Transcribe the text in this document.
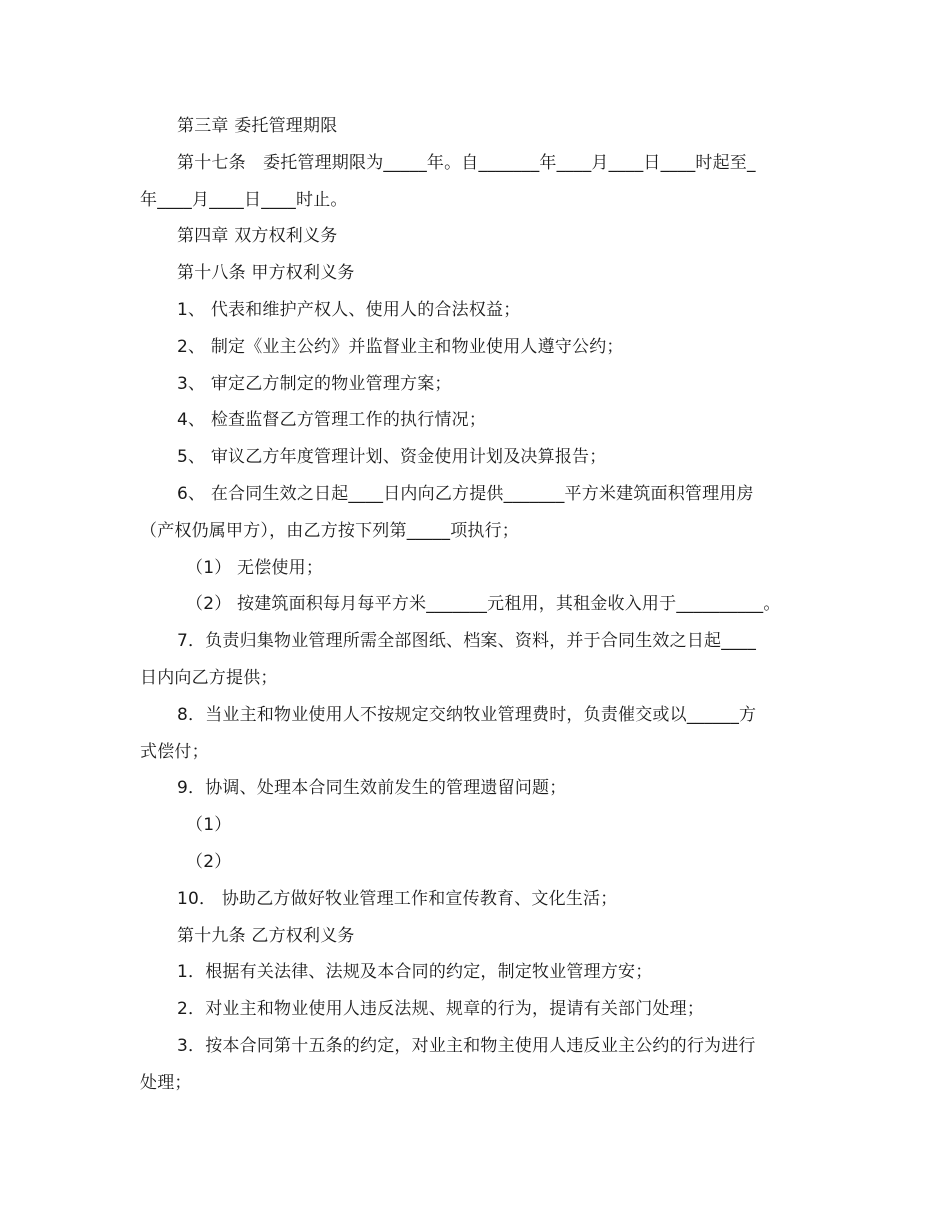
第三章 委托管理期限
第十七条　委托管理期限为_____年。自_______年____月____日____时起至_
年____月____日____时止。
第四章 双方权利义务
第十八条 甲方权利义务
1、 代表和维护产权人、使用人的合法权益；
2、 制定《业主公约》并监督业主和物业使用人遵守公约；
3、 审定乙方制定的物业管理方案；
4、 检查监督乙方管理工作的执行情况；
5、 审议乙方年度管理计划、资金使用计划及决算报告；
6、 在合同生效之日起____日内向乙方提供_______平方米建筑面积管理用房
（产权仍属甲方），由乙方按下列第_____项执行；
（1） 无偿使用；
（2） 按建筑面积每月每平方米_______元租用，其租金收入用于__________。
7．负责归集物业管理所需全部图纸、档案、资料，并于合同生效之日起____
日内向乙方提供；
8．当业主和物业使用人不按规定交纳牧业管理费时，负责催交或以______方
式偿付；
9．协调、处理本合同生效前发生的管理遗留问题；
（1）
（2）
10． 协助乙方做好牧业管理工作和宣传教育、文化生活；
第十九条 乙方权利义务
1．根据有关法律、法规及本合同的约定，制定牧业管理方安；
2．对业主和物业使用人违反法规、规章的行为，提请有关部门处理；
3．按本合同第十五条的约定，对业主和物主使用人违反业主公约的行为进行
处理；
